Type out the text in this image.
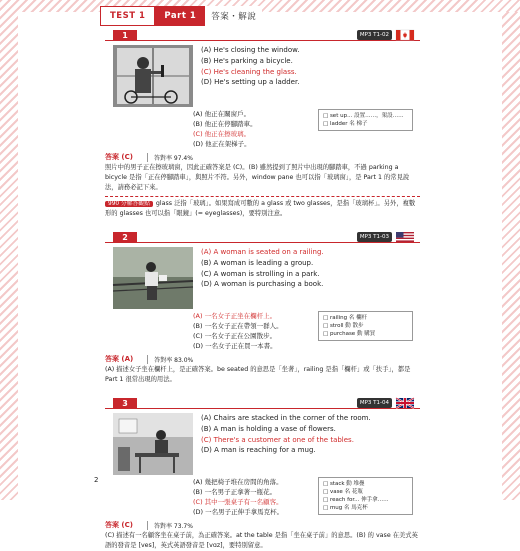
TEST 1	Part 1	答案・解說
1	MP3 T1-02
(A) He's closing the window.
(B) He's parking a bicycle.
(C) He's cleaning the glass.
(D) He's setting up a ladder.
(A) 他正在關窗戶。
(B) 他正在停腳踏車。
(C) 他正在擦玻璃。
(D) 他正在架梯子。
□ set up... 設置……，架設……
□ ladder 名 梯子
答案 (C)	答對率 97.4%
照片中的男子正在擦玻璃窗，因此正確答案是 (C)。(B) 雖然提到了照片中出現的腳踏車，不過 parking a bicycle 是指「正在停腳踏車」，與照片不符。另外，window pane 也可以指「玻璃窗」，是 Part 1 的常見說法，請務必記下來。
990 分解答觀點 glass 泛指「玻璃」。如果寫成可數的 a glass 或 two glasses，是指「玻璃杯」。另外，複數形的 glasses 也可以指「眼鏡」(= eyeglasses)，要特別注意。
2	MP3 T1-03
(A) A woman is seated on a railing.
(B) A woman is leading a group.
(C) A woman is strolling in a park.
(D) A woman is purchasing a book.
(A) 一名女子正坐在欄杆上。
(B) 一名女子正在帶領一群人。
(C) 一名女子正在公園散步。
(D) 一名女子正在買一本書。
□ railing 名 欄杆
□ stroll 動 散步
□ purchase 動 購買
答案 (A)	答對率 83.0%
(A) 描述女子坐在欄杆上，是正確答案。be seated 的意思是「坐著」，railing 是指「欄杆」或「扶手」，都是 Part 1 很常出現的用法。
3	MP3 T1-04
(A) Chairs are stacked in the corner of the room.
(B) A man is holding a vase of flowers.
(C) There's a customer at one of the tables.
(D) A man is reaching for a mug.
(A) 幾把椅子堆在房間的角落。
(B) 一名男子正拿著一瓶花。
(C) 其中一張桌子有一名顧客。
(D) 一名男子正伸手拿馬克杯。
□ stack 動 堆疊
□ vase 名 花瓶
□ reach for... 伸手拿……
□ mug 名 馬克杯
答案 (C)	答對率 73.7%
(C) 描述有一名顧客坐在桌子前，為正確答案。at the table 是指「坐在桌子前」的意思。(B) 的 vase 在美式英語的發音是 [ves]，英式英語發音是 [vɑz]，要特別留意。
2
